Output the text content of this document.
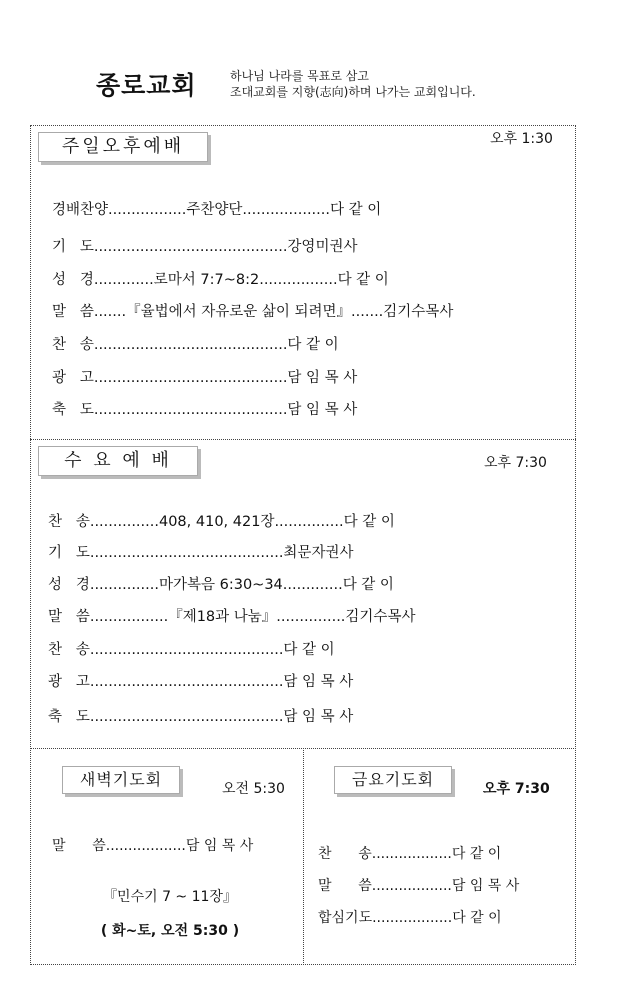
종로교회	하나님 나라를 목표로 삼고
조대교회를 지향(志向)하며 나가는 교회입니다.
주일오후예배	오후 1:30
경배찬양.................주찬양단...................다 같 이
기   도..........................................강영미권사
성   경.............로마서 7:7~8:2.................다 같 이
말   씀.......『율법에서 자유로운 삶이 되려면』.......김기수목사
찬   송..........................................다 같 이
광   고..........................................담 임 목 사
축   도..........................................담 임 목 사
수 요 예 배	오후 7:30
찬   송...............408, 410, 421장...............다 같 이
기   도..........................................최문자권사
성   경...............마가복음 6:30~34.............다 같 이
말   씀.................『제18과 나눔』...............김기수목사
찬   송..........................................다 같 이
광   고..........................................담 임 목 사
축   도..........................................담 임 목 사
새벽기도회	오전 5:30
말      씀..................담 임 목 사
『민수기 7 ~ 11장』
( 화~토, 오전 5:30 )
금요기도회	오후 7:30
찬      송..................다 같 이
말      씀..................담 임 목 사
합심기도..................다 같 이
